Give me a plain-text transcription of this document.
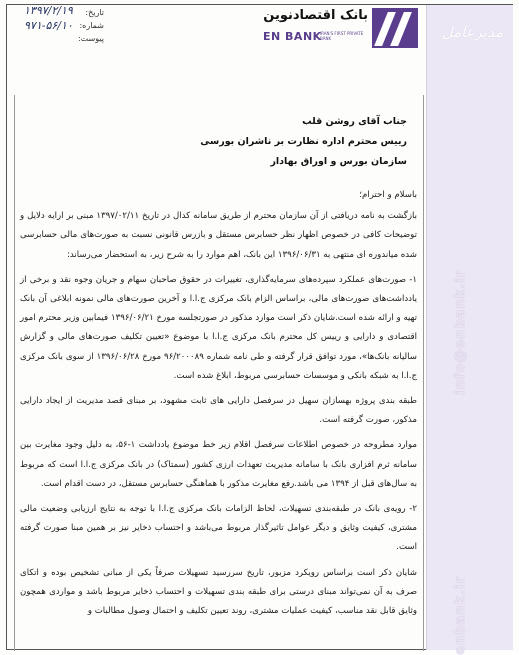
مدیرعامل
info@enbank.ir
enbank.ir
بانک اقتصادنوین
EN BANK
IRAN'S FIRST PRIVATE BANK
تاریخ:
شماره:
پیوست:
۱۳۹۷/۲/۱۹
۹۷۱-۵۶/۱۰
جناب آقای روشن قلب
رییس محترم اداره نظارت بر ناشران بورسی
سازمان بورس و اوراق بهادار

باسلام و احترام؛

بازگشت به نامه دریافتی از آن سازمان محترم از طریق سامانه کدال در تاریخ ۱۳۹۷/۰۲/۱۱ مبنی بر ارایه دلایل و توضیحات کافی در خصوص اظهار نظر حسابرس مستقل و بازرس قانونی نسبت به صورت‌های مالی حسابرسی شده میاندوره ای منتهی به ۱۳۹۶/۰۶/۳۱ این بانک، اهم موارد را به شرح زیر، به استحضار می‌رساند:

۱- صورت‌های عملکرد سپرده‌های سرمایه‌گذاری، تغییرات در حقوق صاحبان سهام و جریان وجوه نقد و برخی از یادداشت‌های صورت‌های مالی، براساس الزام بانک مرکزی ج.ا.ا و آخرین صورت‌های مالی نمونه ابلاغی آن بانک تهیه و ارائه شده است.شایان ذکر است موارد مذکور در صورتجلسه مورخ ۱۳۹۶/۰۶/۲۱ فیمابین وزیر محترم امور اقتصادی و دارایی و رییس کل محترم بانک مرکزی ج.ا.ا با موضوع «تعیین تکلیف صورت‌های مالی و گزارش سالیانه بانک‌ها»، مورد توافق قرار گرفته و طی نامه شماره ۹۶/۲۰۰۰۸۹ مورخ ۱۳۹۶/۰۶/۲۸ از سوی بانک مرکزی ج.ا.ا به شبکه بانکی و موسسات حسابرسی مربوط، ابلاغ شده است.

طبقه بندی پروژه بهسازان سهیل در سرفصل دارایی های ثابت مشهود، بر مبنای قصد مدیریت از ایجاد دارایی مذکور، صورت گرفته است.

موارد مطروحه در خصوص اطلاعات سرفصل اقلام زیر خط موضوع یادداشت ۱-۵۶، به دلیل وجود مغایرت بین سامانه ثرم افزاری بانک با سامانه مدیریت تعهدات ارزی کشور (سمتاک) در بانک مرکزی ج.ا.ا است که مربوط به سال‌های قبل از ۱۳۹۴ می باشد.رفع مغایرت مذکور با هماهنگی حسابرس مستقل، در دست اقدام است.

۲- رویه‌ی بانک در طبقه‌بندی تسهیلات، لحاظ الزامات بانک مرکزی ج.ا.ا با توجه به نتایج ارزیابی وضعیت مالی مشتری، کیفیت وثایق و دیگر عوامل تاثیرگذار مربوط می‌باشد و احتساب ذخایر نیز بر همین مبنا صورت گرفته است.

شایان ذکر است براساس رویکرد مزبور، تاریخ سررسید تسهیلات صرفاً یکی از مبانی تشخیص بوده و اتکای صرف به آن نمی‌تواند مبنای درستی برای طبقه بندی تسهیلات و احتساب ذخایر مربوط باشد و مواردی همچون وثایق قابل نقد مناسب، کیفیت عملیات مشتری، روند تعیین تکلیف و احتمال وصول مطالبات و
